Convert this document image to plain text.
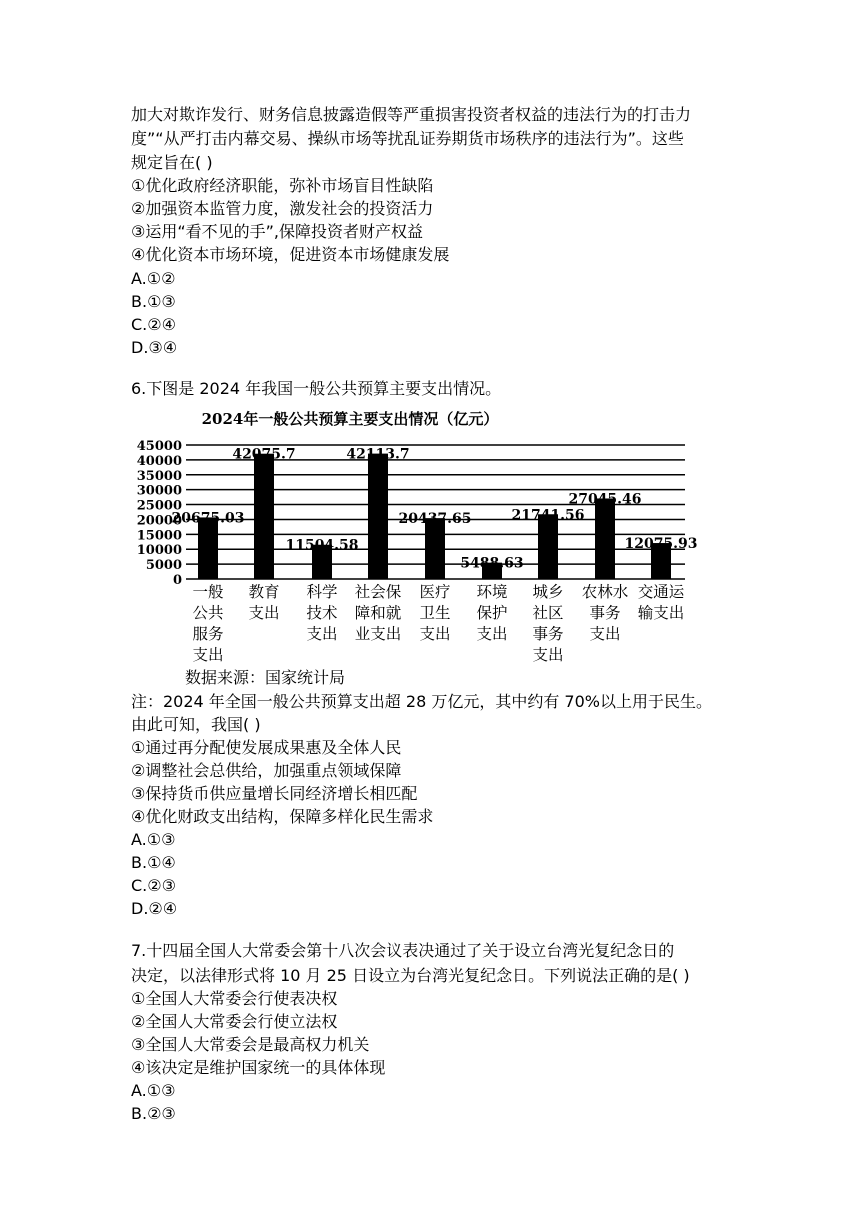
加大对欺诈发行、财务信息披露造假等严重损害投资者权益的违法行为的打击力
度”“从严打击内幕交易、操纵市场等扰乱证券期货市场秩序的违法行为”。这些
规定旨在( )
①优化政府经济职能，弥补市场盲目性缺陷
②加强资本监管力度，激发社会的投资活力
③运用“看不见的手”,保障投资者财产权益
④优化资本市场环境，促进资本市场健康发展
A.①②
B.①③
C.②④
D.③④
6.下图是 2024 年我国一般公共预算主要支出情况。
2024年一般公共预算主要支出情况（亿元）
0
5000
10000
15000
20000
25000
30000
35000
40000
45000
20675.03
42075.7
11504.58
42113.7
20437.65
5488.63
21741.56
27045.46
12075.93
一般
公共
服务
支出
教育
支出
科学
技术
支出
社会保
障和就
业支出
医疗
卫生
支出
环境
保护
支出
城乡
社区
事务
支出
农林水
事务
支出
交通运
输支出
数据来源：国家统计局
注：2024 年全国一般公共预算支出超 28 万亿元，其中约有 70%以上用于民生。
由此可知，我国( )
①通过再分配使发展成果惠及全体人民
②调整社会总供给，加强重点领域保障
③保持货币供应量增长同经济增长相匹配
④优化财政支出结构，保障多样化民生需求
A.①③
B.①④
C.②③
D.②④
7.十四届全国人大常委会第十八次会议表决通过了关于设立台湾光复纪念日的
决定，以法律形式将 10 月 25 日设立为台湾光复纪念日。下列说法正确的是( )
①全国人大常委会行使表决权
②全国人大常委会行使立法权
③全国人大常委会是最高权力机关
④该决定是维护国家统一的具体体现
A.①③
B.②③
